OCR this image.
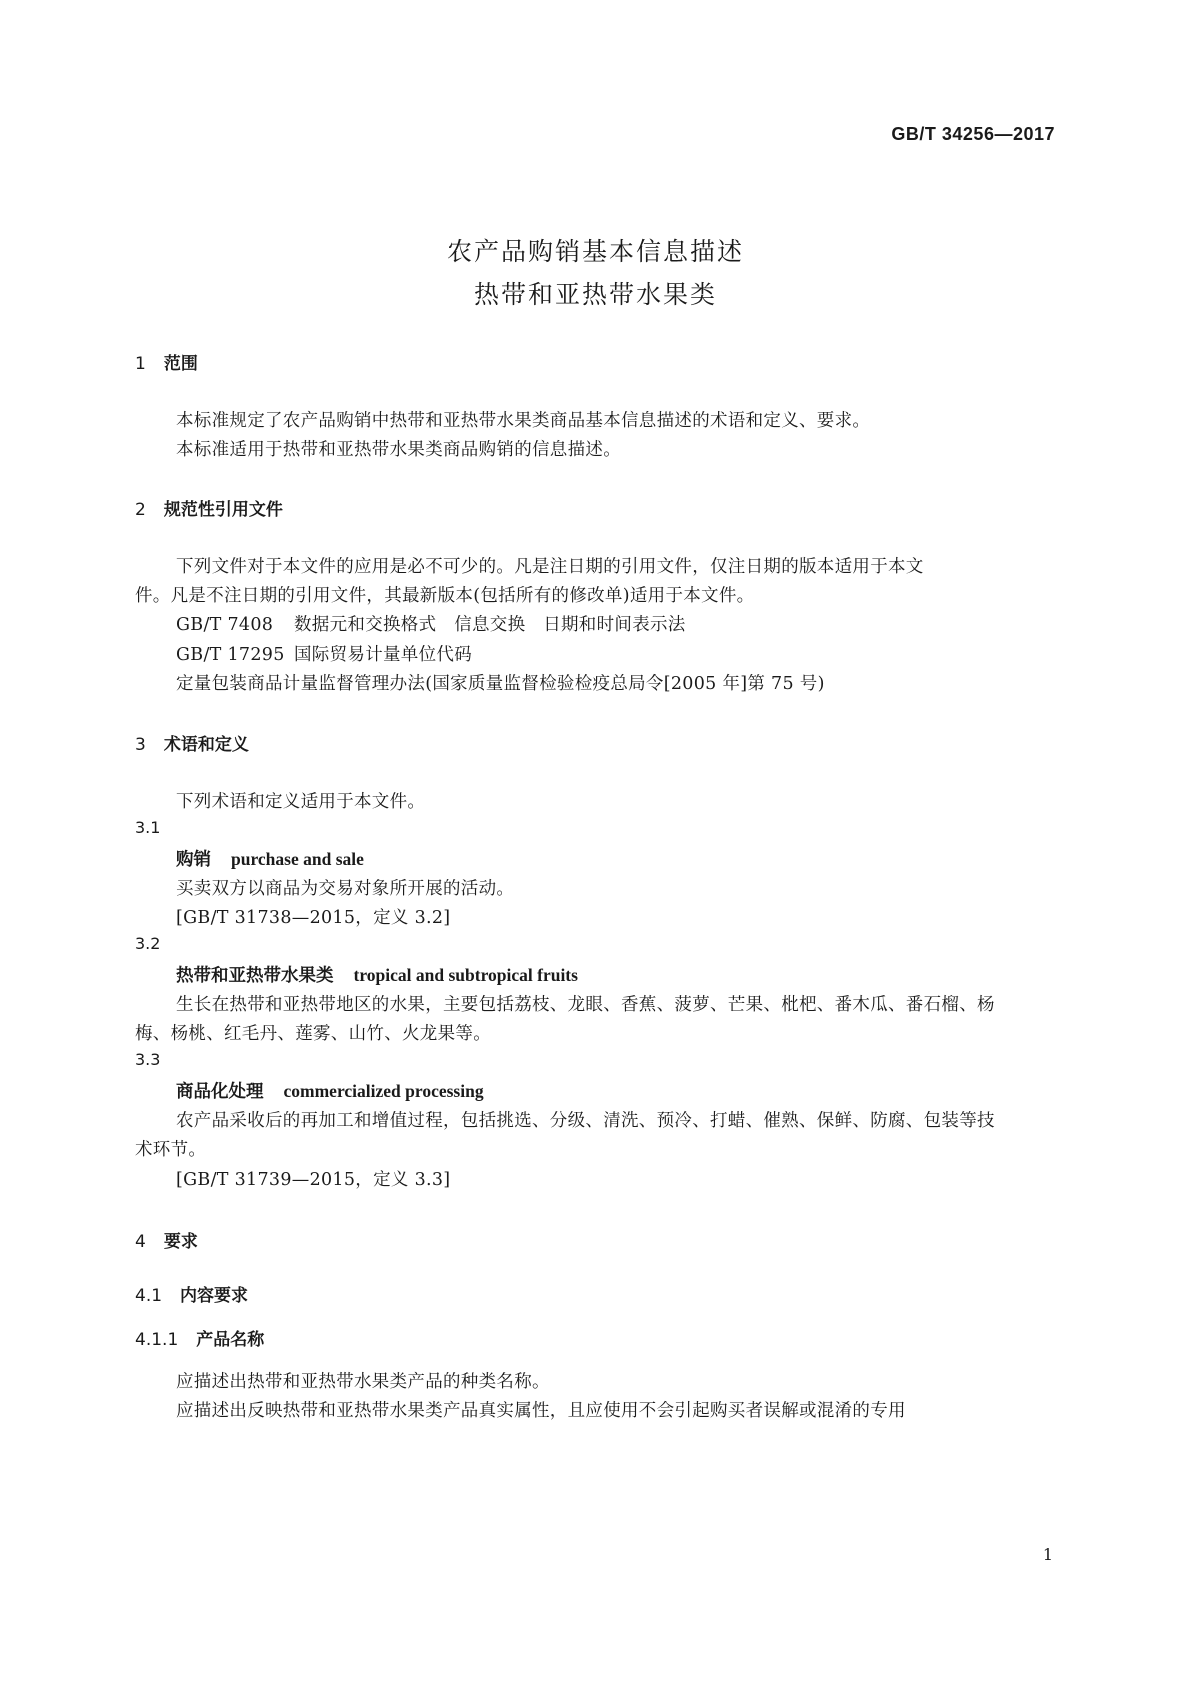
GB/T 34256—2017
农产品购销基本信息描述
热带和亚热带水果类
1 范围
本标准规定了农产品购销中热带和亚热带水果类商品基本信息描述的术语和定义、要求。
本标准适用于热带和亚热带水果类商品购销的信息描述。
2 规范性引用文件
下列文件对于本文件的应用是必不可少的。凡是注日期的引用文件，仅注日期的版本适用于本文
件。凡是不注日期的引用文件，其最新版本(包括所有的修改单)适用于本文件。
GB/T 7408 数据元和交换格式　信息交换　日期和时间表示法
GB/T 17295 国际贸易计量单位代码
定量包装商品计量监督管理办法(国家质量监督检验检疫总局令[2005 年]第 75 号)
3 术语和定义
下列术语和定义适用于本文件。
3.1
购销 purchase and sale
买卖双方以商品为交易对象所开展的活动。
[GB/T 31738—2015，定义 3.2]
3.2
热带和亚热带水果类 tropical and subtropical fruits
生长在热带和亚热带地区的水果，主要包括荔枝、龙眼、香蕉、菠萝、芒果、枇杷、番木瓜、番石榴、杨
梅、杨桃、红毛丹、莲雾、山竹、火龙果等。
3.3
商品化处理 commercialized processing
农产品采收后的再加工和增值过程，包括挑选、分级、清洗、预冷、打蜡、催熟、保鲜、防腐、包装等技
术环节。
[GB/T 31739—2015，定义 3.3]
4 要求
4.1 内容要求
4.1.1 产品名称
应描述出热带和亚热带水果类产品的种类名称。
应描述出反映热带和亚热带水果类产品真实属性，且应使用不会引起购买者误解或混淆的专用
1
